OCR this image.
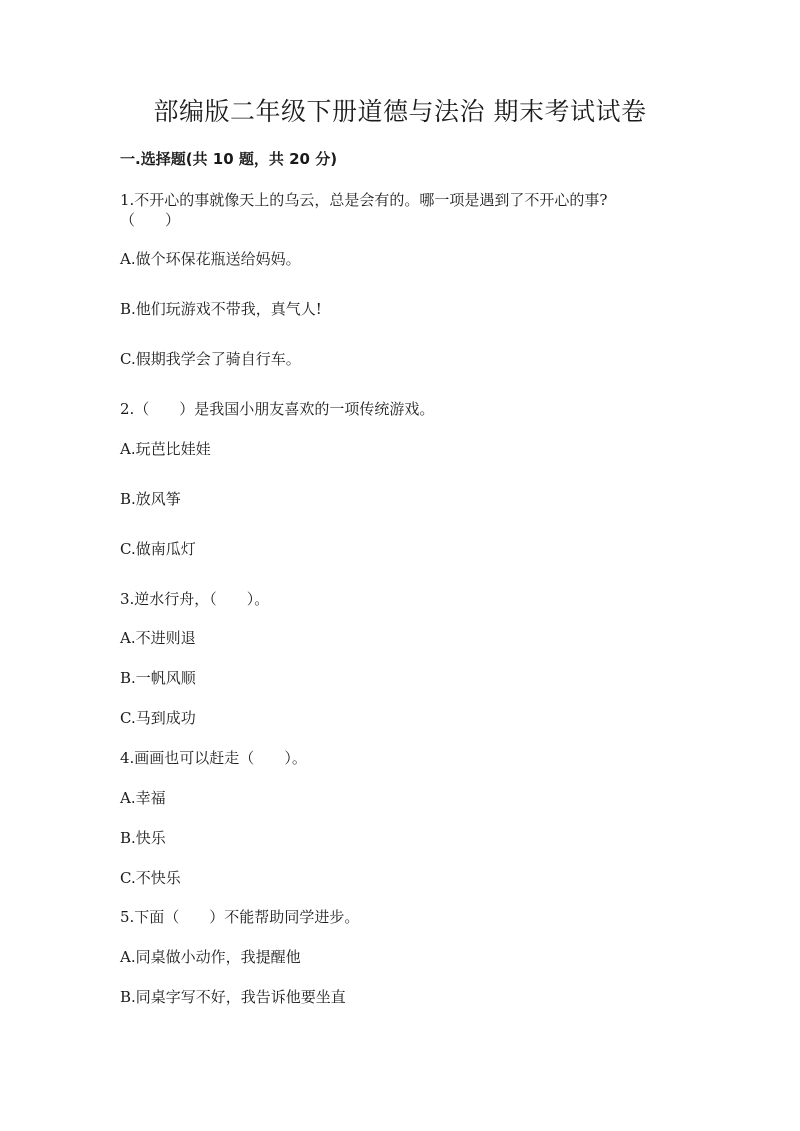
部编版二年级下册道德与法治 期末考试试卷
一.选择题(共 10 题，共 20 分)
1.不开心的事就像天上的乌云，总是会有的。哪一项是遇到了不开心的事?
（　　）
A.做个环保花瓶送给妈妈。
B.他们玩游戏不带我，真气人!
C.假期我学会了骑自行车。
2.（　　）是我国小朋友喜欢的一项传统游戏。
A.玩芭比娃娃
B.放风筝
C.做南瓜灯
3.逆水行舟，（　　）。
A.不进则退
B.一帆风顺
C.马到成功
4.画画也可以赶走（　　）。
A.幸福
B.快乐
C.不快乐
5.下面（　　）不能帮助同学进步。
A.同桌做小动作，我提醒他
B.同桌字写不好，我告诉他要坐直
